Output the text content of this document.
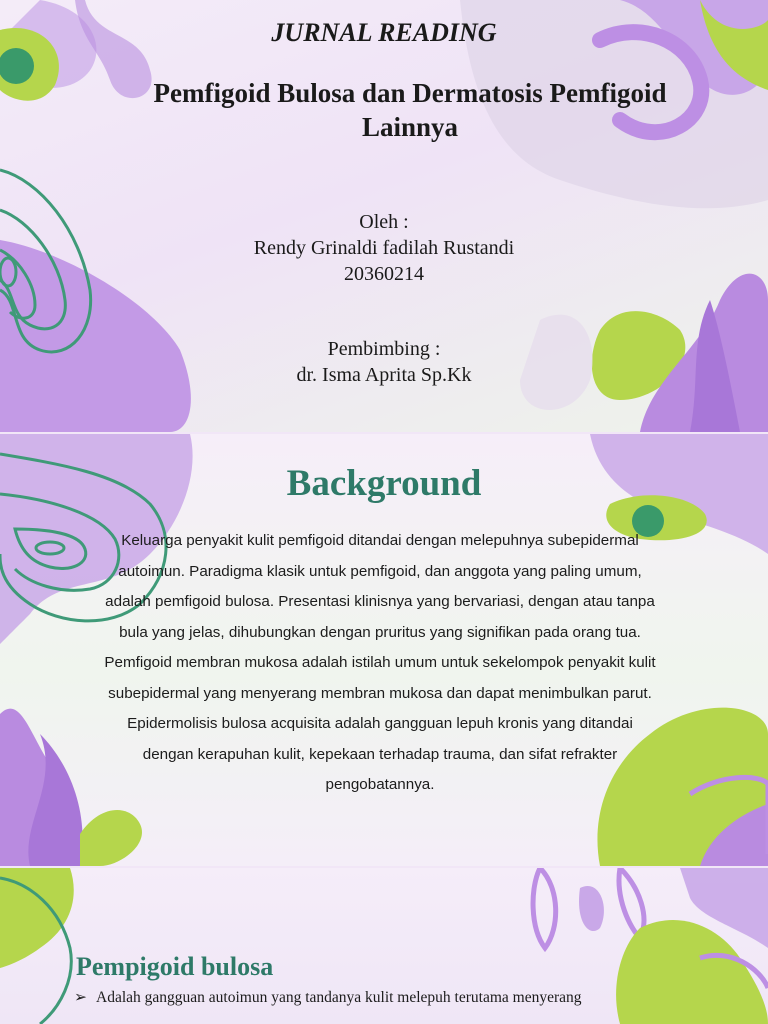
JURNAL READING
Pemfigoid Bulosa dan Dermatosis Pemfigoid Lainnya
Oleh :
Rendy Grinaldi fadilah Rustandi
20360214
Pembimbing :
dr. Isma Aprita Sp.Kk
Background
Keluarga penyakit kulit pemfigoid ditandai dengan melepuhnya subepidermal autoimun. Paradigma klasik untuk pemfigoid, dan anggota yang paling umum, adalah pemfigoid bulosa. Presentasi klinisnya yang bervariasi, dengan atau tanpa bula yang jelas, dihubungkan dengan pruritus yang signifikan pada orang tua. Pemfigoid membran mukosa adalah istilah umum untuk sekelompok penyakit kulit subepidermal yang menyerang membran mukosa dan dapat menimbulkan parut. Epidermolisis bulosa acquisita adalah gangguan lepuh kronis yang ditandai dengan kerapuhan kulit, kepekaan terhadap trauma, dan sifat refrakter pengobatannya.
Pempigoid bulosa
➢ Adalah gangguan autoimun yang tandanya kulit melepuh terutama menyerang
